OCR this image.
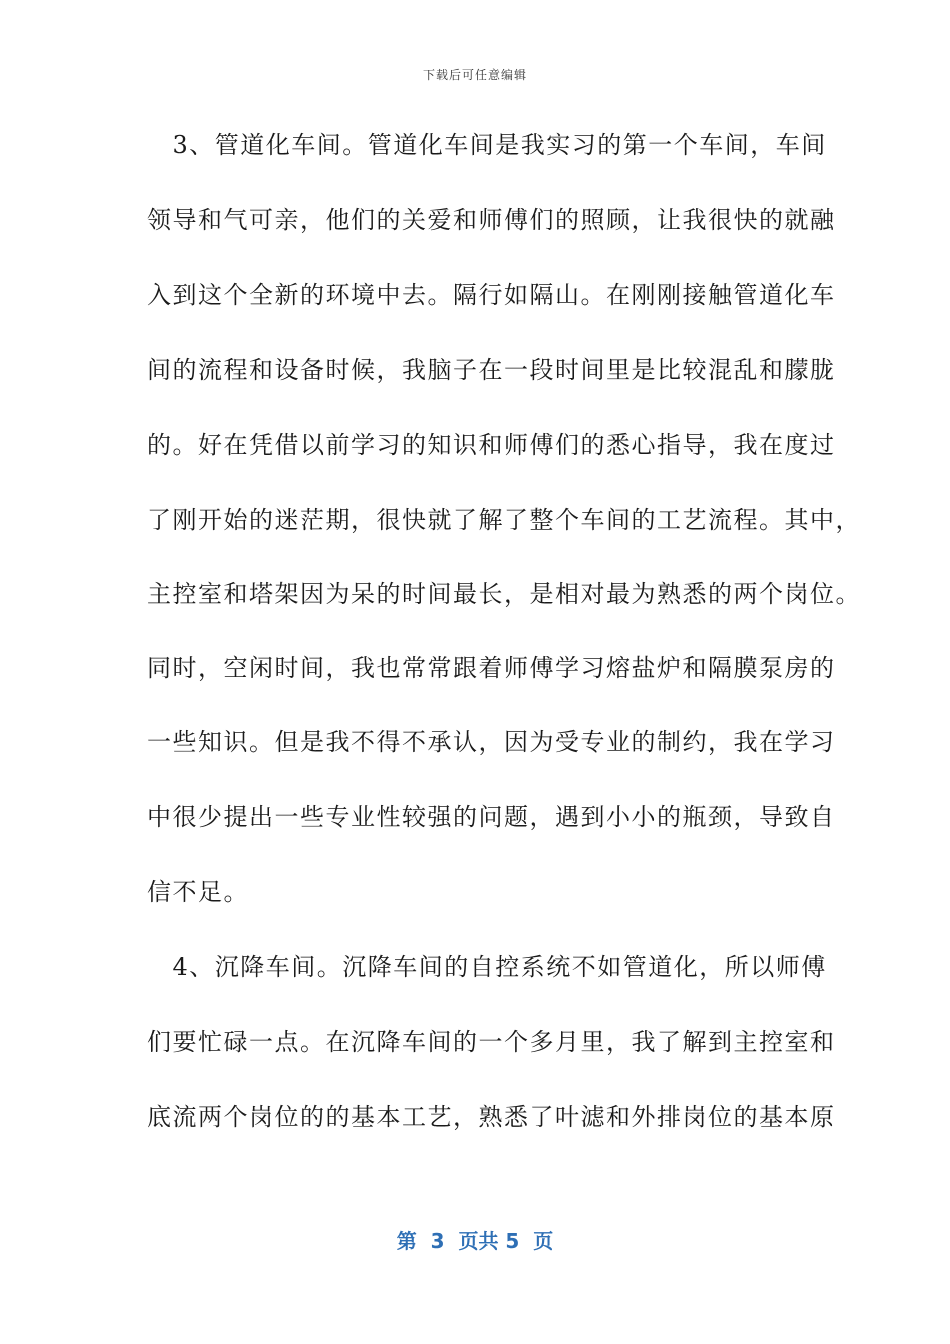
下载后可任意编辑
　3、管道化车间。管道化车间是我实习的第一个车间，车间
领导和气可亲，他们的关爱和师傅们的照顾，让我很快的就融
入到这个全新的环境中去。隔行如隔山。在刚刚接触管道化车
间的流程和设备时候，我脑子在一段时间里是比较混乱和朦胧
的。好在凭借以前学习的知识和师傅们的悉心指导，我在度过
了刚开始的迷茫期，很快就了解了整个车间的工艺流程。其中，
主控室和塔架因为呆的时间最长，是相对最为熟悉的两个岗位。
同时，空闲时间，我也常常跟着师傅学习熔盐炉和隔膜泵房的
一些知识。但是我不得不承认，因为受专业的制约，我在学习
中很少提出一些专业性较强的问题，遇到小小的瓶颈，导致自
信不足。
　4、沉降车间。沉降车间的自控系统不如管道化，所以师傅
们要忙碌一点。在沉降车间的一个多月里，我了解到主控室和
底流两个岗位的的基本工艺，熟悉了叶滤和外排岗位的基本原
第  3  页共 5  页
